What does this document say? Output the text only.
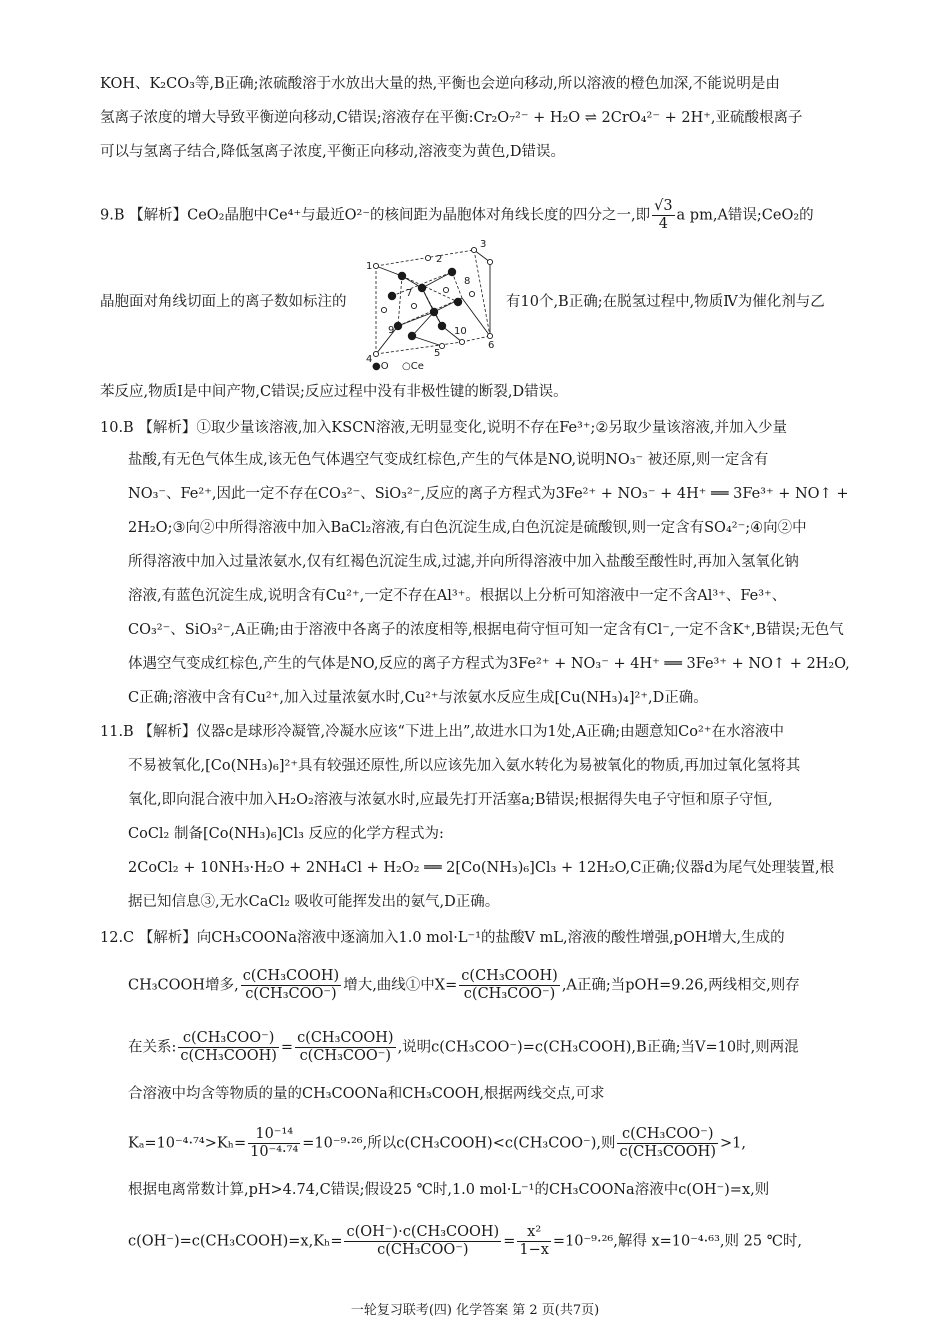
KOH、K₂CO₃等,B正确;浓硫酸溶于水放出大量的热,平衡也会逆向移动,所以溶液的橙色加深,不能说明是由
氢离子浓度的增大导致平衡逆向移动,C错误;溶液存在平衡:Cr₂O₇²⁻ + H₂O ⇌ 2CrO₄²⁻ + 2H⁺,亚硫酸根离子
可以与氢离子结合,降低氢离子浓度,平衡正向移动,溶液变为黄色,D错误。
9.B 【解析】CeO₂晶胞中Ce⁴⁺与最近O²⁻的核间距为晶胞体对角线长度的四分之一,即 $\frac{√3}{4}$ a pm,A错误;CeO₂的
晶胞面对角线切面上的离子数如标注的
1
2
3
4
5
6
7
8
9	10
●O ○Ce
有10个,B正确;在脱氢过程中,物质Ⅳ为催化剂与乙
苯反应,物质Ⅰ是中间产物,C错误;反应过程中没有非极性键的断裂,D错误。
10.B 【解析】①取少量该溶液,加入KSCN溶液,无明显变化,说明不存在Fe³⁺;②另取少量该溶液,并加入少量
盐酸,有无色气体生成,该无色气体遇空气变成红棕色,产生的气体是NO,说明NO₃⁻ 被还原,则一定含有
NO₃⁻、Fe²⁺,因此一定不存在CO₃²⁻、SiO₃²⁻,反应的离子方程式为3Fe²⁺ + NO₃⁻ + 4H⁺ ══ 3Fe³⁺ + NO↑ +
2H₂O;③向②中所得溶液中加入BaCl₂溶液,有白色沉淀生成,白色沉淀是硫酸钡,则一定含有SO₄²⁻;④向②中
所得溶液中加入过量浓氨水,仅有红褐色沉淀生成,过滤,并向所得溶液中加入盐酸至酸性时,再加入氢氧化钠
溶液,有蓝色沉淀生成,说明含有Cu²⁺,一定不存在Al³⁺。根据以上分析可知溶液中一定不含Al³⁺、Fe³⁺、
CO₃²⁻、SiO₃²⁻,A正确;由于溶液中各离子的浓度相等,根据电荷守恒可知一定含有Cl⁻,一定不含K⁺,B错误;无色气
体遇空气变成红棕色,产生的气体是NO,反应的离子方程式为3Fe²⁺ + NO₃⁻ + 4H⁺ ══ 3Fe³⁺ + NO↑ + 2H₂O,
C正确;溶液中含有Cu²⁺,加入过量浓氨水时,Cu²⁺与浓氨水反应生成[Cu(NH₃)₄]²⁺,D正确。
11.B 【解析】仪器c是球形冷凝管,冷凝水应该“下进上出”,故进水口为1处,A正确;由题意知Co²⁺在水溶液中
不易被氧化,[Co(NH₃)₆]²⁺具有较强还原性,所以应该先加入氨水转化为易被氧化的物质,再加过氧化氢将其
氧化,即向混合液中加入H₂O₂溶液与浓氨水时,应最先打开活塞a;B错误;根据得失电子守恒和原子守恒,
CoCl₂ 制备[Co(NH₃)₆]Cl₃ 反应的化学方程式为:
2CoCl₂ + 10NH₃·H₂O + 2NH₄Cl + H₂O₂ ══ 2[Co(NH₃)₆]Cl₃ + 12H₂O,C正确;仪器d为尾气处理装置,根
据已知信息③,无水CaCl₂ 吸收可能挥发出的氨气,D正确。
12.C 【解析】向CH₃COONa溶液中逐滴加入1.0 mol·L⁻¹的盐酸V mL,溶液的酸性增强,pOH增大,生成的
CH₃COOH增多, $\frac{\text{c(CH₃COOH)}}{\text{c(CH₃COO⁻)}}$ 增大,曲线①中$X= \frac{\text{c(CH₃COOH)}}{\text{c(CH₃COO⁻)}} ,A$正确;当pOH=9.26,两线相交,则存
在关系: $\frac{\text{c(CH₃COO⁻)}}{\text{c(CH₃COOH)}} = \frac{\text{c(CH₃COOH)}}{\text{c(CH₃COO⁻)}}$ ,说明c(CH₃COO⁻)=c(CH₃COOH),B正确;当V=10时,则两混
合溶液中均含等物质的量的CH₃COONa和CH₃COOH,根据两线交点,可求
$K_a=10^{-4}\cdot^{74}>K_h= \frac{\text{10⁻¹⁴}}{\text{10⁻⁴·⁷⁴}} =10^{-9}\cdot^{26}$,所以c(CH₃COOH)<c(CH₃COO⁻),则 $\frac{\text{c(CH₃COO⁻)}}{\text{c(CH₃COOH)}} >1$,
根据电离常数计算,pH>4.74,C错误;假设25 ℃时,1.0 mol·L⁻¹的CH₃COONa溶液中c(OH⁻)=x,则
c(OH⁻)=c(CH₃COOH)=x,Kₕ= $\frac{\text{c(OH⁻)·c(CH₃COOH)}}{\text{c(CH₃COO⁻)}} = \frac{\text{x²}}{1-x} =10^{-9}\cdot^{26}$,解得 x=10⁻⁴·⁶³,则 25 ℃时,
一轮复习联考(四) 化学答案 第 2 页(共7页)
